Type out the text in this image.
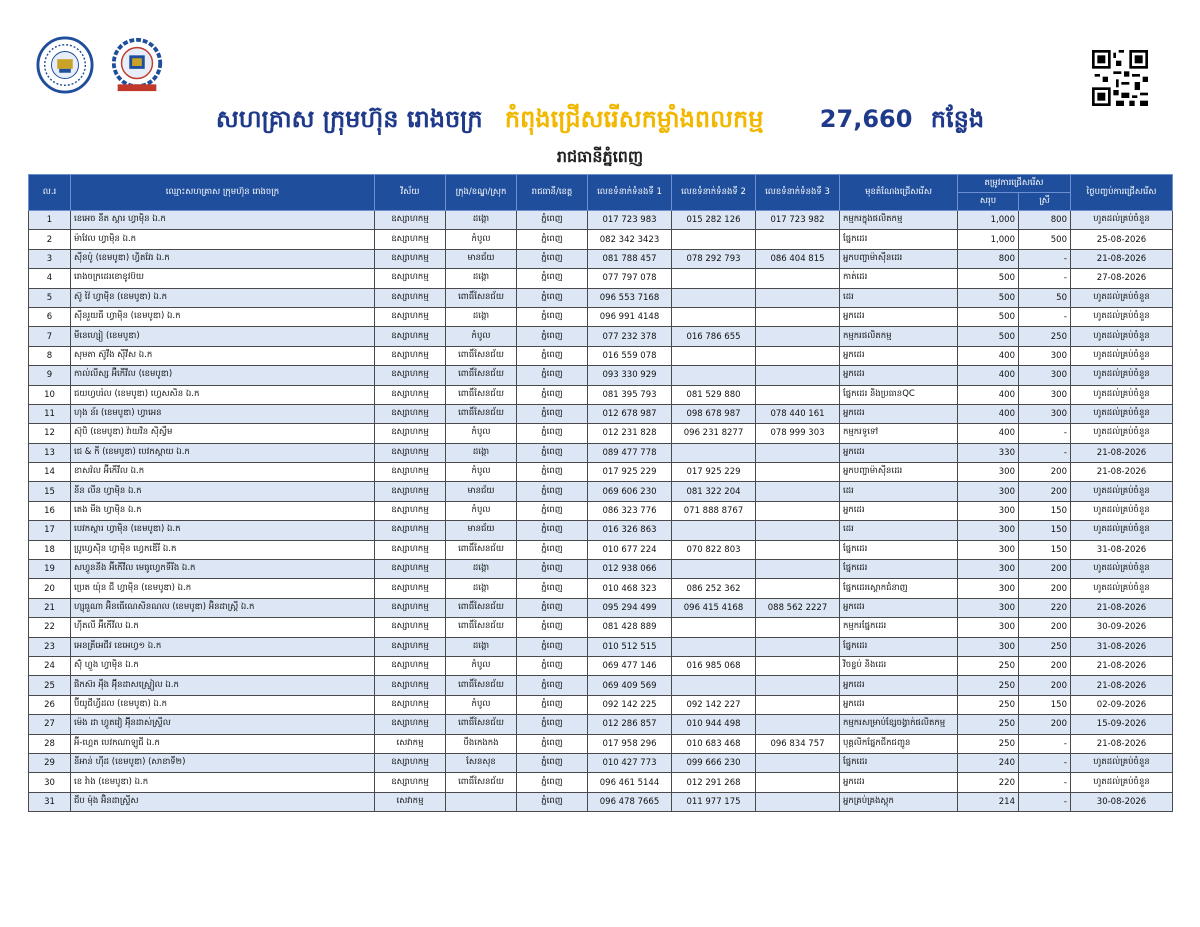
សហគ្រាស ក្រុមហ៊ុន រោងចក្រ កំពុងជ្រើសរើសកម្លាំងពលកម្ម 27,660 កន្លែង
រាជធានីភ្នំពេញ
ល.រ	ឈ្មោះសហគ្រាស ក្រុមហ៊ុន រោងចក្រ	វិស័យ	ក្រុង/ខណ្ឌ/ស្រុក	រាជធានី/ខេត្ត	លេខទំនាក់ទំនងទី 1	លេខទំនាក់ទំនងទី 2	លេខទំនាក់ទំនងទី 3	មុខតំណែងជ្រើសរើស	តម្រូវការជ្រើសរើស		ថ្ងៃបញ្ចប់ការជ្រើសរើស
									សរុប	ស្រី	
1	ខេអេច នីត ស្តារ ហ្វាម៉ិន ឯ.ក	ឧស្សាហកម្ម	ដង្កោ	ភ្នំពេញ	017 723 983	015 282 126	017 723 982	កម្មករក្នុងផលិតកម្ម	1,000	800	ហូតដល់គ្រប់ចំនួន
2	ម៉ាវែល ហ្វាម៉ិន ឯ.ក	ឧស្សាហកម្ម	កំបូល	ភ្នំពេញ	082 342 3423			ផ្នែកដេរ	1,000	500	25-08-2026
3	ស៊ីនប៉ូ (ខេមបូឌា) ហ្វិតវែរ ឯ.ក	ឧស្សាហកម្ម	មានជ័យ	ភ្នំពេញ	081 788 457	078 292 793	086 404 815	អ្នកបញ្ជាម៉ាស៊ីនដេរ	800	-	21-08-2026
4	រោងចក្រដេរខោខូវប៊យ	ឧស្សាហកម្ម	ដង្កោ	ភ្នំពេញ	077 797 078			កាត់ដេរ	500	-	27-08-2026
5	ស៊ូ វ៉ៃ ហ្វាម៉ិន (ខេមបូឌា) ឯ.ក	ឧស្សាហកម្ម	ពោធិ៍សែនជ័យ	ភ្នំពេញ	096 553 7168			ដេរ	500	50	ហូតដល់គ្រប់ចំនួន
6	ស៊ីនរួយធី ហ្វាម៉ិន (ខេមបូឌា) ឯ.ក	ឧស្សាហកម្ម	ដង្កោ	ភ្នំពេញ	096 991 4148			អ្នកដេរ	500	-	ហូតដល់គ្រប់ចំនួន
7	មីនេហ្សៀ (ខេមបូឌា)	ឧស្សាហកម្ម	កំបូល	ភ្នំពេញ	077 232 378	016 786 655		កម្មករផលិតកម្ម	500	250	ហូតដល់គ្រប់ចំនួន
8	សុមតា ស៊ូវីង ស៊ីវីស ឯ.ក	ឧស្សាហកម្ម	ពោធិ៍សែនជ័យ	ភ្នំពេញ	016 559 078			អ្នកដេរ	400	300	ហូតដល់គ្រប់ចំនួន
9	កាល់លីស្ស អ៊ីកើវីល (ខេមបូឌា)	ឧស្សាហកម្ម	ពោធិ៍សែនជ័យ	ភ្នំពេញ	093 330 929			អ្នកដេរ	400	300	ហូតដល់គ្រប់ចំនួន
10	ជយហ្វបរ៉ល (ខេមបូឌា) ហ្វេសសិន ឯ.ក	ឧស្សាហកម្ម	ពោធិ៍សែនជ័យ	ភ្នំពេញ	081 395 793	081 529 880		ផ្នែកដេរ និងប្រធានQC	400	300	ហូតដល់គ្រប់ចំនួន
11	ហុង ន័រ (ខេមបូឌា) ហ្វាអេន	ឧស្សាហកម្ម	ពោធិ៍សែនជ័យ	ភ្នំពេញ	012 678 987	098 678 987	078 440 161	អ្នកដេរ	400	300	ហូតដល់គ្រប់ចំនួន
12	ស៊ុបិ (ខេមបូឌា) វ៉ាយវិន ស៊ិស្វឹម	ឧស្សាហកម្ម	កំបូល	ភ្នំពេញ	012 231 828	096 231 8277	078 999 303	កម្មករទូទៅ	400	-	ហូតដល់គ្រប់ចំនួន
13	ជេ & កី (ខេមបូឌា) បេវកស្តាយ ឯ.ក	ឧស្សាហកម្ម	ដង្កោ	ភ្នំពេញ	089 477 778			អ្នកដេរ	330	-	21-08-2026
14	ខាសវ៉ល អ៊ីកើវីល ឯ.ក	ឧស្សាហកម្ម	កំបូល	ភ្នំពេញ	017 925 229	017 925 229		អ្នកបញ្ជាម៉ាស៊ីនដេរ	300	200	21-08-2026
15	នីន លីន ហ្វាម៉ិន ឯ.ក	ឧស្សាហកម្ម	មានជ័យ	ភ្នំពេញ	069 606 230	081 322 204		ដេរ	300	200	ហូតដល់គ្រប់ចំនួន
16	តេង មីង ហ្វាម៉ិន ឯ.ក	ឧស្សាហកម្ម	កំបូល	ភ្នំពេញ	086 323 776	071 888 8767		អ្នកដេរ	300	150	ហូតដល់គ្រប់ចំនួន
17	បេវកស្តារ ហ្វាម៉ិន (ខេមបូឌា) ឯ.ក	ឧស្សាហកម្ម	មានជ័យ	ភ្នំពេញ	016 326 863			ដេរ	300	150	ហូតដល់គ្រប់ចំនួន
18	ប្រូហ្វេស៊ិន ហ្វាម៉ិន ហ្វេកឌើរី ឯ.ក	ឧស្សាហកម្ម	ពោធិ៍សែនជ័យ	ភ្នំពេញ	010 677 224	070 822 803		ផ្នែកដេរ	300	150	31-08-2026
19	សហ្វូននីង អ៊ីកើវីល មេធូហ្វេកទីរីង ឯ.ក	ឧស្សាហកម្ម	ដង្កោ	ភ្នំពេញ	012 938 066			ផ្នែកដេរ	300	200	ហូតដល់គ្រប់ចំនួន
20	ប្រេត យ៉ុន ជី ហ្វាម៉ិន (ខេមបូឌា) ឯ.ក	ឧស្សាហកម្ម	ដង្កោ	ភ្នំពេញ	010 468 323	086 252 362		ផ្នែកដេរស្តោកជំនាញ	300	200	ហូតដល់គ្រប់ចំនួន
21	ហ្សុធួណា អ៊ិនធើណេសិនណល (ខេមបូឌា) អ៊ិនដាស្ត្រី ឯ.ក	ឧស្សាហកម្ម	ពោធិ៍សែនជ័យ	ភ្នំពេញ	095 294 499	096 415 4168	088 562 2227	អ្នកដេរ	300	220	21-08-2026
22	ហ៊ីតលី អ៊ីកើវីល ឯ.ក	ឧស្សាហកម្ម	ពោធិ៍សែនជ័យ	ភ្នំពេញ	081 428 889			កម្មករផ្នែកដេរ	300	200	30-09-2026
23	អេនត្រីអេជីវ ខេអេហ្វ១ ឯ.ក	ឧស្សាហកម្ម	ដង្កោ	ភ្នំពេញ	010 512 515			ផ្នែកដេរ	300	250	31-08-2026
24	ស៊ុំ ហ្លួង ហ្វាម៉ិន ឯ.ក	ឧស្សាហកម្ម	កំបូល	ភ្នំពេញ	069 477 146	016 985 068		វិចខ្ចប់ និងដេរ	250	200	21-08-2026
25	ផិកស៊រ អុឺង អ៊ុីនដាសស្ទ្រៀល ឯ.ក	ឧស្សាហកម្ម	ពោធិ៍សែនជ័យ	ភ្នំពេញ	069 409 569			អ្នកដេរ	250	200	21-08-2026
26	ប៊ីយូជីហ្វីដល (ខេមបូឌា) ឯ.ក	ឧស្សាហកម្ម	កំបូល	ភ្នំពេញ	092 142 225	092 142 227		អ្នកដេរ	250	150	02-09-2026
27	ម៉េង ដា ហ្វូតវៀ អ៊ុីនដាស់ស្ទ្រីល	ឧស្សាហកម្ម	ពោធិ៍សែនជ័យ	ភ្នំពេញ	012 286 857	010 944 498		កម្មករសម្រាប់ខ្សែចង្វាក់ផលិតកម្ម	250	200	15-09-2026
28	អ៊ី-ហ្គេត បេវកណាឡូជី ឯ.ក	សេវាកម្ម	បឹងកេងកង	ភ្នំពេញ	017 958 296	010 683 468	096 834 757	បុគ្គលិកផ្នែកជីកជញ្ជូន	250	-	21-08-2026
29	នីអាន់ ហ៊ីដ (ខេមបូឌា) (សាខាទី២)	ឧស្សាហកម្ម	សែនសុខ	ភ្នំពេញ	010 427 773	099 666 230		ផ្នែកដេរ	240	-	ហូតដល់គ្រប់ចំនួន
30	ខេ វ៉ាង (ខេមបូឌា) ឯ.ក	ឧស្សាហកម្ម	ពោធិ៍សែនជ័យ	ភ្នំពេញ	096 461 5144	012 291 268		អ្នកដេរ	220	-	ហូតដល់គ្រប់ចំនួន
31	ជីប ម៉ុង អ៊ិនដាស្ទ្រីស	សេវាកម្ម		ភ្នំពេញ	096 478 7665	011 977 175		អ្នកគ្រប់គ្រងស្តុក	214	-	30-08-2026
